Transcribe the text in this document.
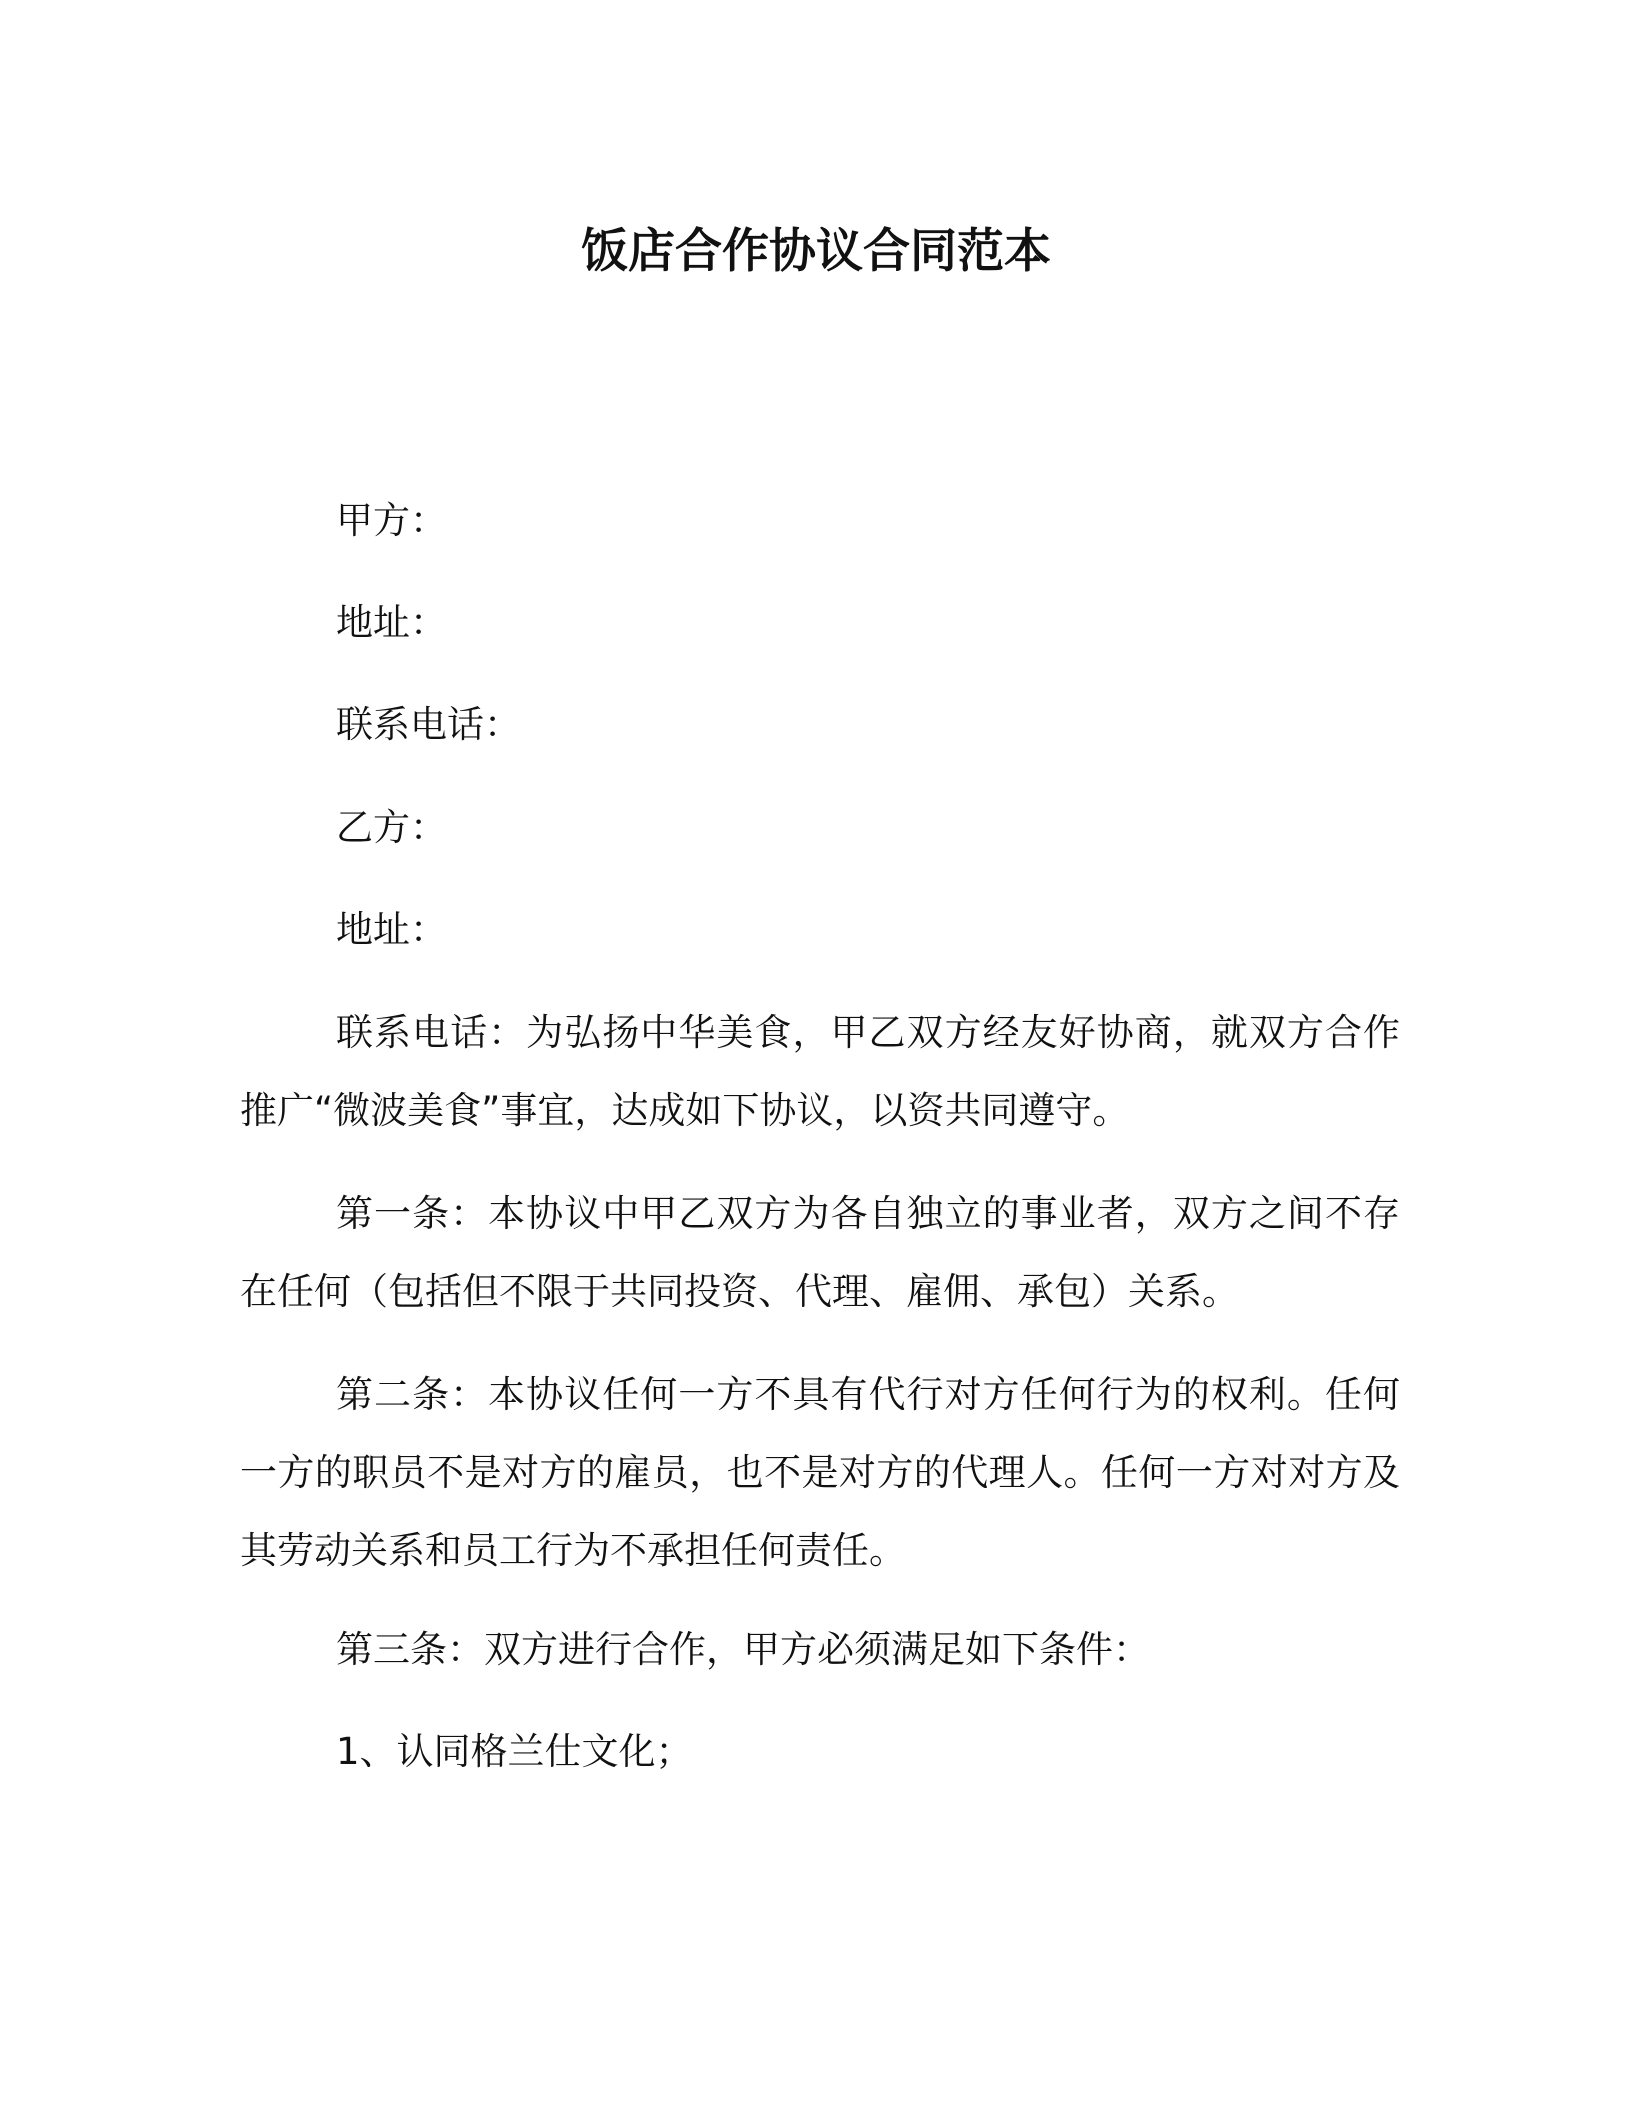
饭店合作协议合同范本
甲方：
地址：
联系电话：
乙方：
地址：
联系电话：为弘扬中华美食，甲乙双方经友好协商，就双方合作推广“微波美食”事宜，达成如下协议，以资共同遵守。
第一条：本协议中甲乙双方为各自独立的事业者，双方之间不存在任何（包括但不限于共同投资、代理、雇佣、承包）关系。
第二条：本协议任何一方不具有代行对方任何行为的权利。任何一方的职员不是对方的雇员，也不是对方的代理人。任何一方对对方及其劳动关系和员工行为不承担任何责任。
第三条：双方进行合作，甲方必须满足如下条件：
1、认同格兰仕文化；
